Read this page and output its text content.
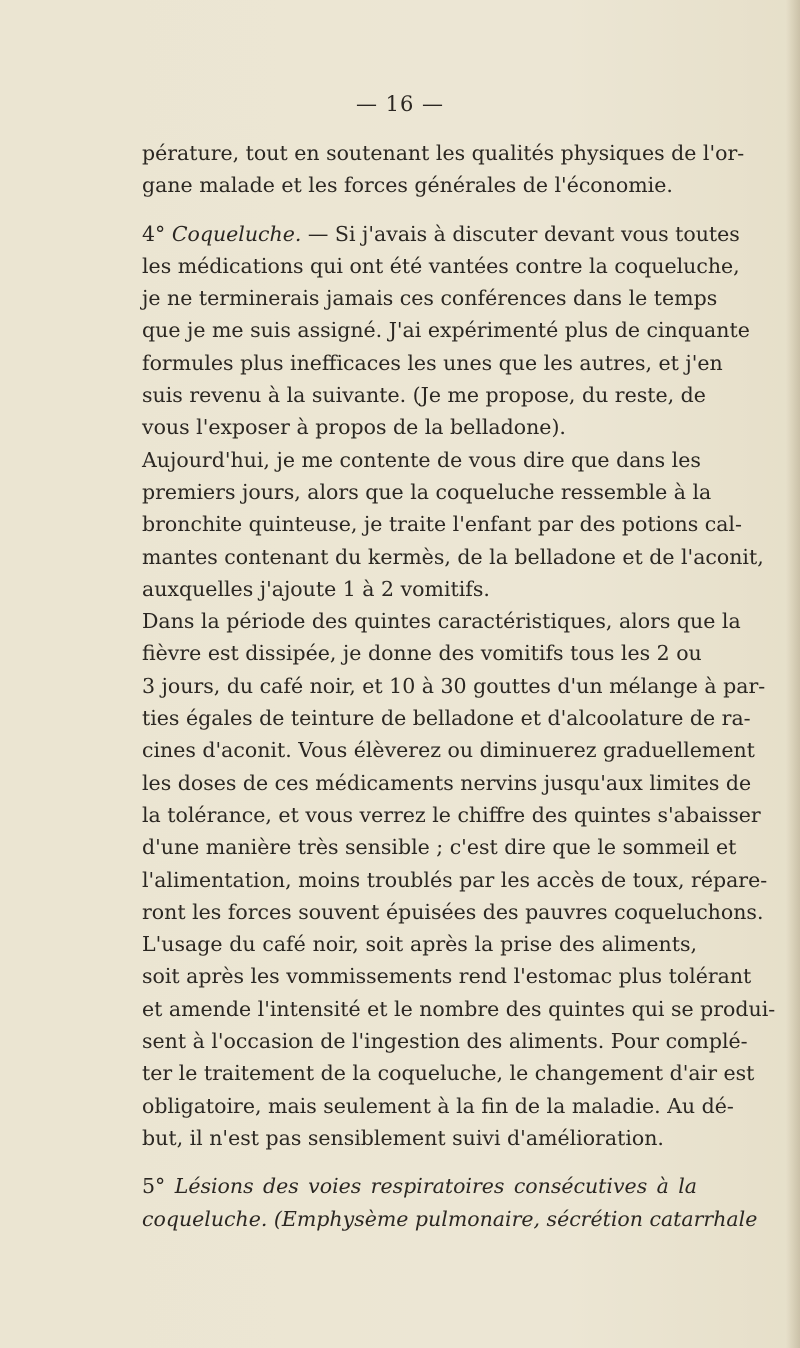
— 16 —
pérature, tout en soutenant les qualités physiques de l'or-
gane malade et les forces générales de l'économie.
4° Coqueluche. — Si j'avais à discuter devant vous toutes
les médications qui ont été vantées contre la coqueluche,
je ne terminerais jamais ces conférences dans le temps
que je me suis assigné. J'ai expérimenté plus de cinquante
formules plus inefficaces les unes que les autres, et j'en
suis revenu à la suivante. (Je me propose, du reste, de
vous l'exposer à propos de la belladone).
Aujourd'hui, je me contente de vous dire que dans les
premiers jours, alors que la coqueluche ressemble à la
bronchite quinteuse, je traite l'enfant par des potions cal-
mantes contenant du kermès, de la belladone et de l'aconit,
auxquelles j'ajoute 1 à 2 vomitifs.
Dans la période des quintes caractéristiques, alors que la
fièvre est dissipée, je donne des vomitifs tous les 2 ou
3 jours, du café noir, et 10 à 30 gouttes d'un mélange à par-
ties égales de teinture de belladone et d'alcoolature de ra-
cines d'aconit. Vous élèverez ou diminuerez graduellement
les doses de ces médicaments nervins jusqu'aux limites de
la tolérance, et vous verrez le chiffre des quintes s'abaisser
d'une manière très sensible ; c'est dire que le sommeil et
l'alimentation, moins troublés par les accès de toux, répare-
ront les forces souvent épuisées des pauvres coqueluchons.
L'usage du café noir, soit après la prise des aliments,
soit après les vommissements rend l'estomac plus tolérant
et amende l'intensité et le nombre des quintes qui se produi-
sent à l'occasion de l'ingestion des aliments. Pour complé-
ter le traitement de la coqueluche, le changement d'air est
obligatoire, mais seulement à la fin de la maladie. Au dé-
but, il n'est pas sensiblement suivi d'amélioration.
5° Lésions des voies respiratoires consécutives à la
coqueluche. (Emphysème pulmonaire, sécrétion catarrhale
